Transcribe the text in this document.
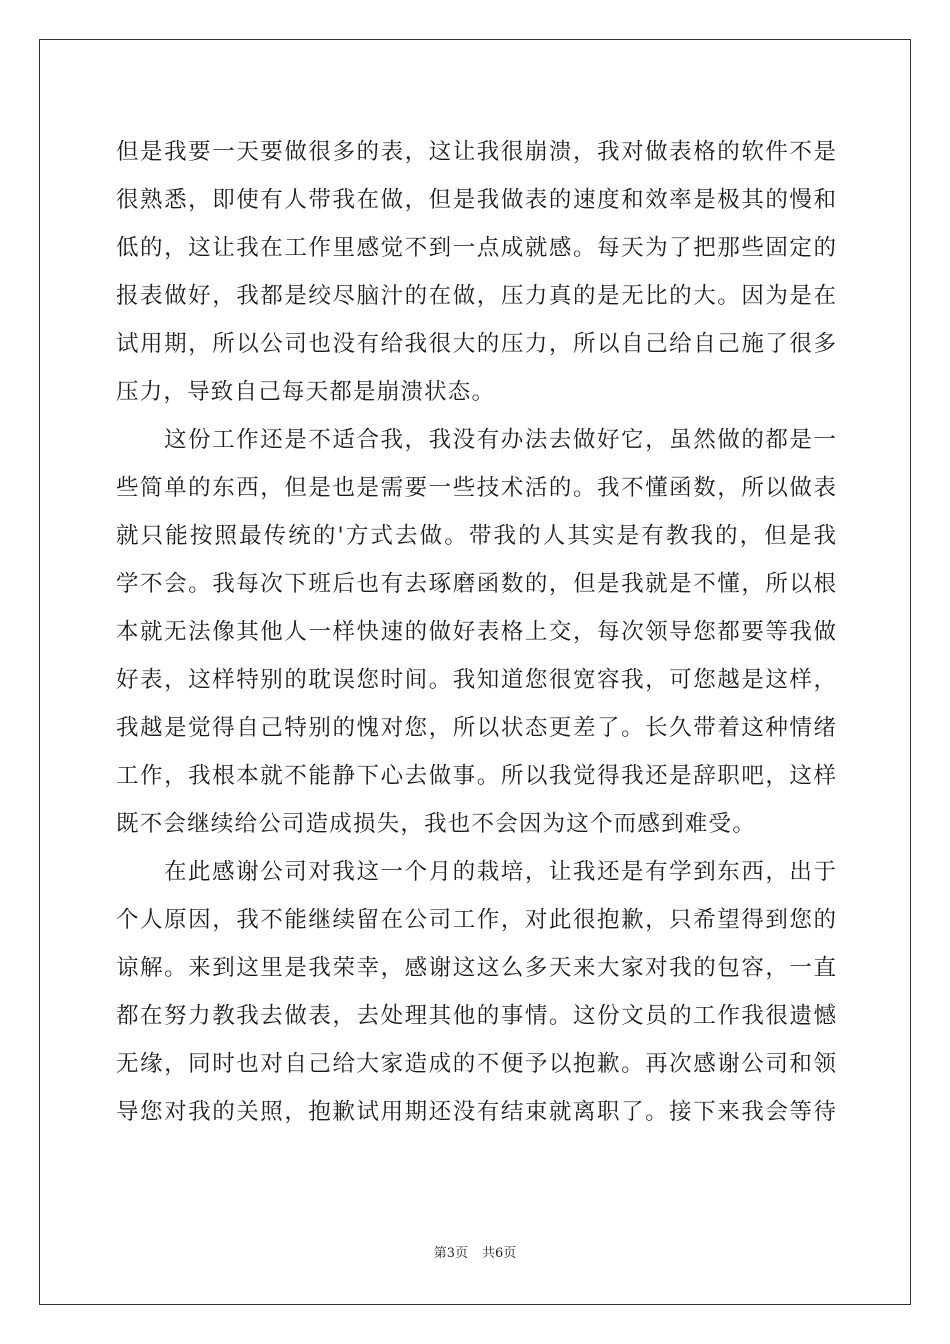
但是我要一天要做很多的表，这让我很崩溃，我对做表格的软件不是
很熟悉，即使有人带我在做，但是我做表的速度和效率是极其的慢和
低的，这让我在工作里感觉不到一点成就感。每天为了把那些固定的
报表做好，我都是绞尽脑汁的在做，压力真的是无比的大。因为是在
试用期，所以公司也没有给我很大的压力，所以自己给自己施了很多
压力，导致自己每天都是崩溃状态。
这份工作还是不适合我，我没有办法去做好它，虽然做的都是一
些简单的东西，但是也是需要一些技术活的。我不懂函数，所以做表
就只能按照最传统的'方式去做。带我的人其实是有教我的，但是我
学不会。我每次下班后也有去琢磨函数的，但是我就是不懂，所以根
本就无法像其他人一样快速的做好表格上交，每次领导您都要等我做
好表，这样特别的耽误您时间。我知道您很宽容我，可您越是这样，
我越是觉得自己特别的愧对您，所以状态更差了。长久带着这种情绪
工作，我根本就不能静下心去做事。所以我觉得我还是辞职吧，这样
既不会继续给公司造成损失，我也不会因为这个而感到难受。
在此感谢公司对我这一个月的栽培，让我还是有学到东西，出于
个人原因，我不能继续留在公司工作，对此很抱歉，只希望得到您的
谅解。来到这里是我荣幸，感谢这这么多天来大家对我的包容，一直
都在努力教我去做表，去处理其他的事情。这份文员的工作我很遗憾
无缘，同时也对自己给大家造成的不便予以抱歉。再次感谢公司和领
导您对我的关照，抱歉试用期还没有结束就离职了。接下来我会等待
第3页 共6页
